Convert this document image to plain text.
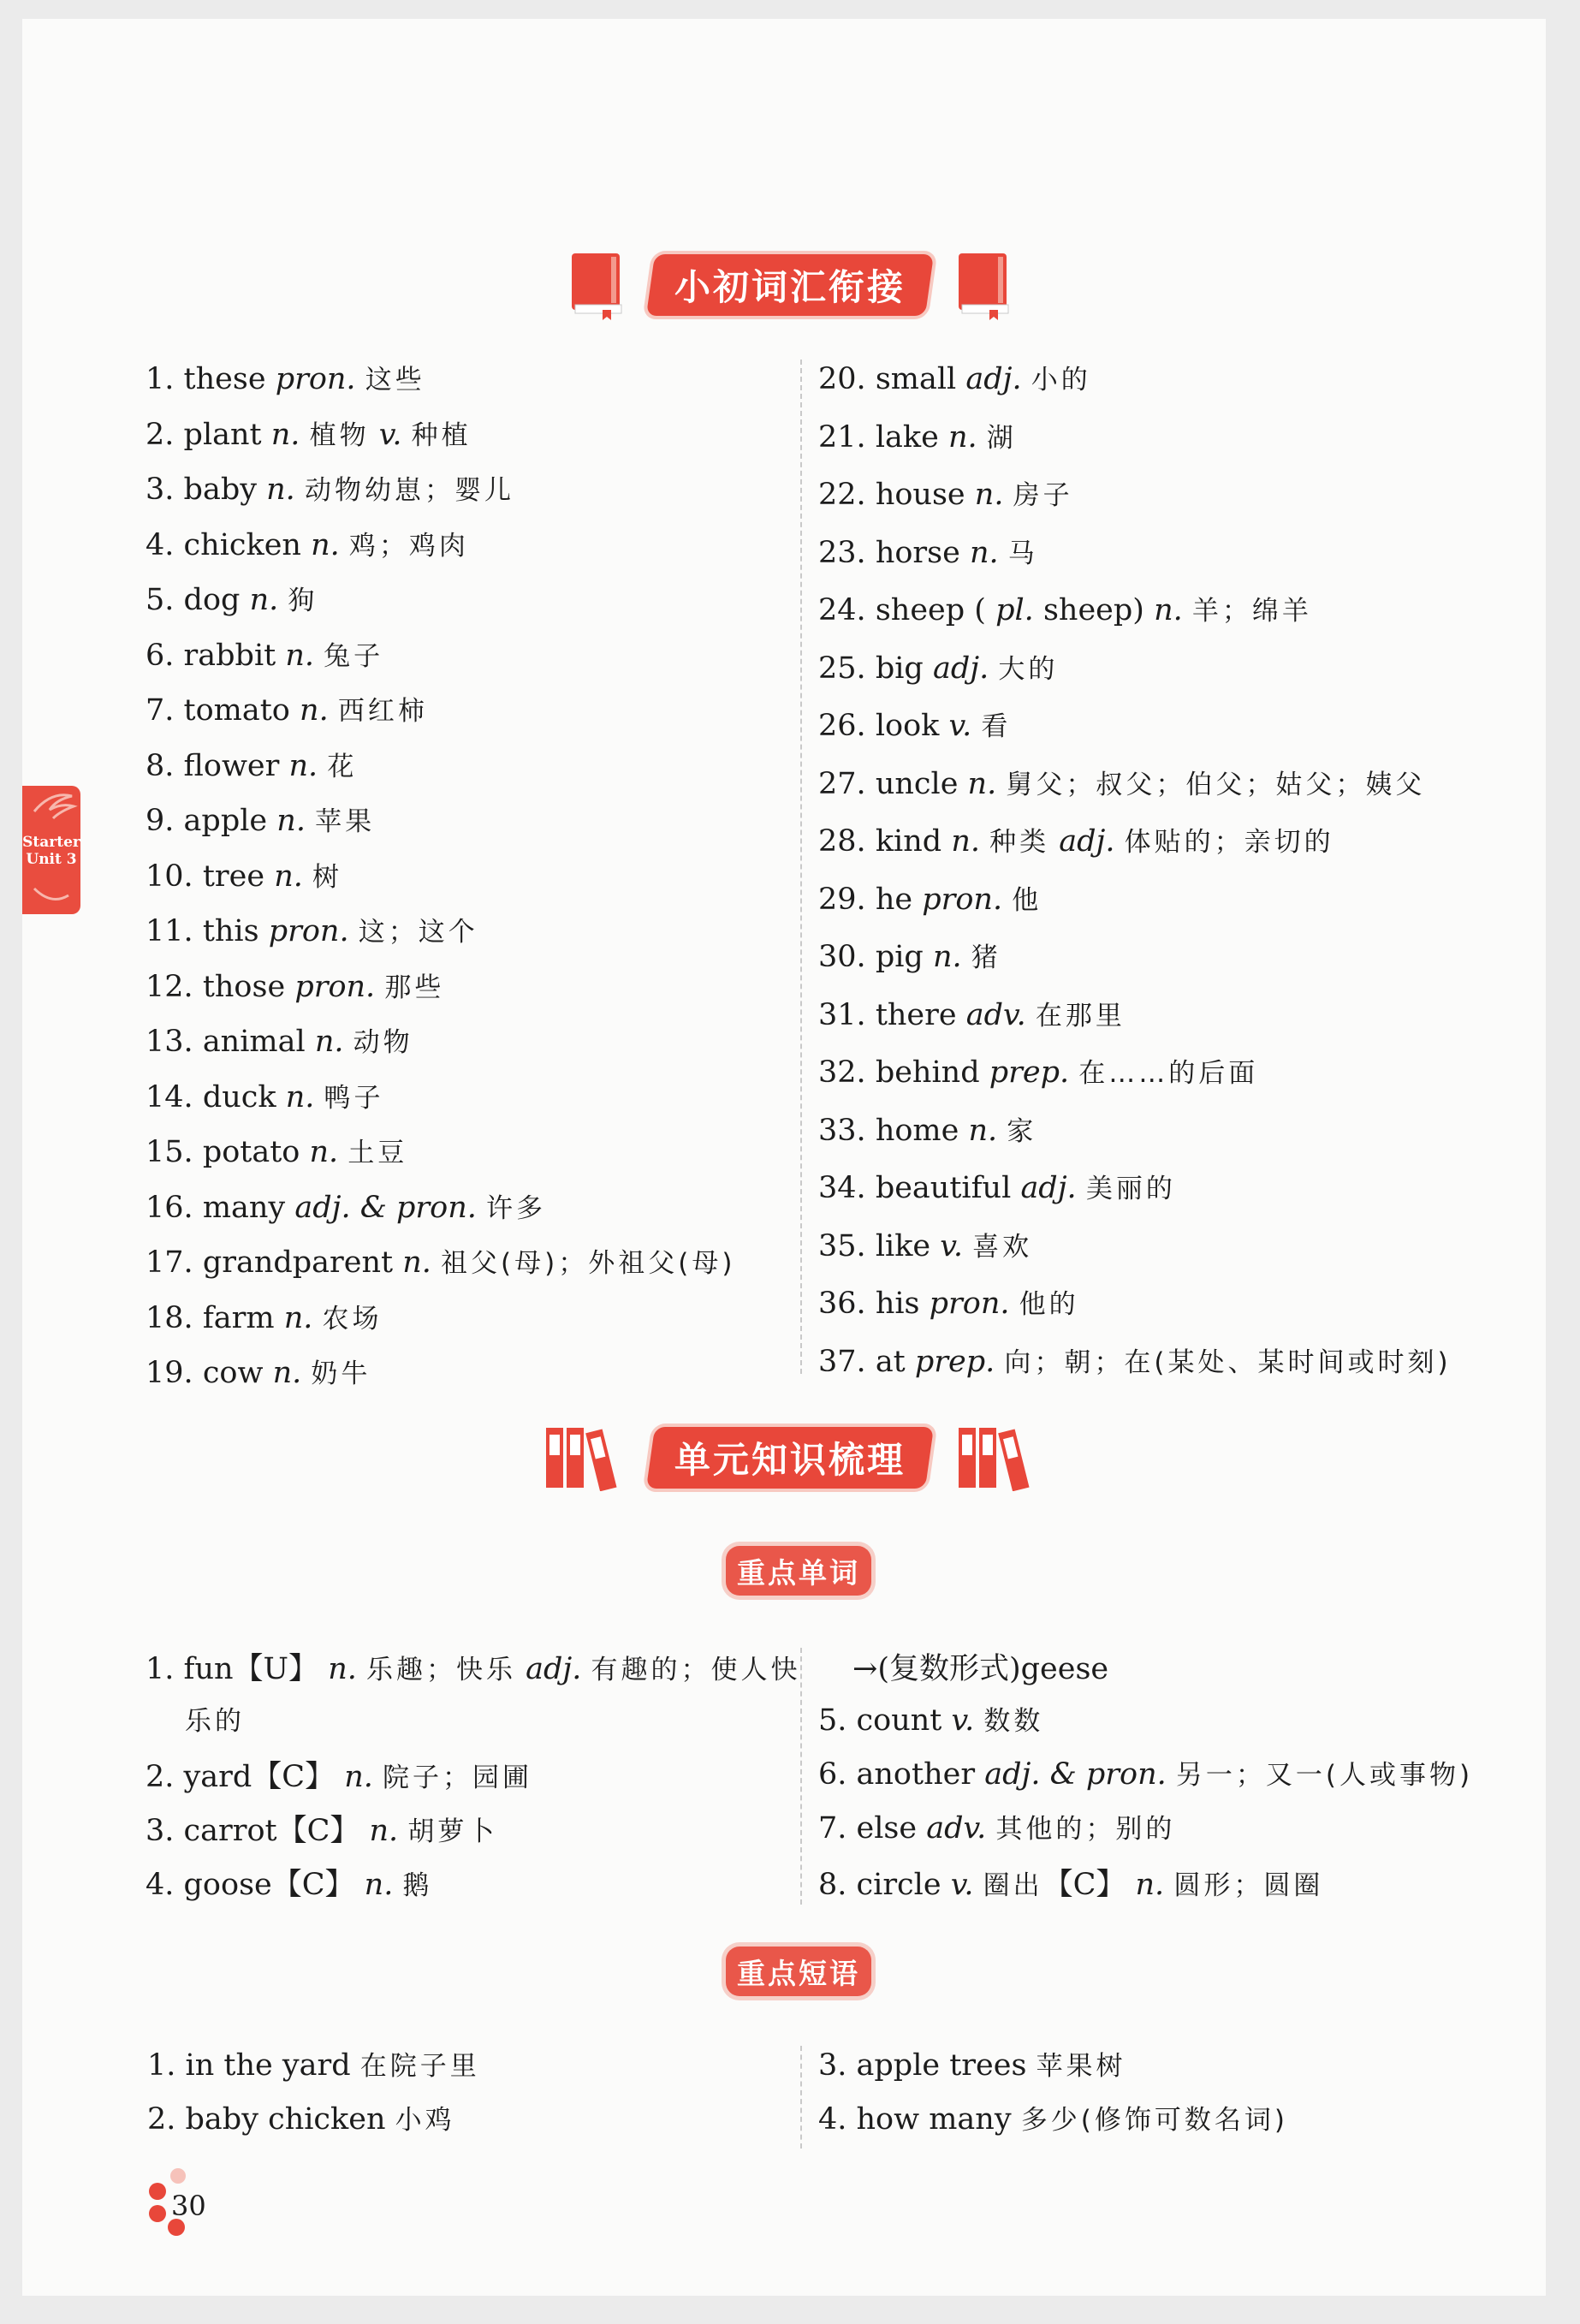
小初词汇衔接
1. these pron. 这些
2. plant n. 植物 v. 种植
3. baby n. 动物幼崽；婴儿
4. chicken n. 鸡；鸡肉
5. dog n. 狗
6. rabbit n. 兔子
7. tomato n. 西红柿
8. flower n. 花
9. apple n. 苹果
10. tree n. 树
11. this pron. 这；这个
12. those pron. 那些
13. animal n. 动物
14. duck n. 鸭子
15. potato n. 土豆
16. many adj. & pron. 许多
17. grandparent n. 祖父(母)；外祖父(母)
18. farm n. 农场
19. cow n. 奶牛
20. small adj. 小的
21. lake n. 湖
22. house n. 房子
23. horse n. 马
24. sheep ( pl. sheep) n. 羊；绵羊
25. big adj. 大的
26. look v. 看
27. uncle n. 舅父；叔父；伯父；姑父；姨父
28. kind n. 种类 adj. 体贴的；亲切的
29. he pron. 他
30. pig n. 猪
31. there adv. 在那里
32. behind prep. 在……的后面
33. home n. 家
34. beautiful adj. 美丽的
35. like v. 喜欢
36. his pron. 他的
37. at prep. 向；朝；在(某处、某时间或时刻)
Starter
Unit 3
单元知识梳理
重点单词
1. fun【U】 n. 乐趣；快乐 adj. 有趣的；使人快
乐的
2. yard【C】 n. 院子；园圃
3. carrot【C】 n. 胡萝卜
4. goose【C】 n. 鹅
→(复数形式)geese
5. count v. 数数
6. another adj. & pron. 另一；又一(人或事物)
7. else adv. 其他的；别的
8. circle v. 圈出【C】 n. 圆形；圆圈
重点短语
1. in the yard 在院子里
2. baby chicken 小鸡
3. apple trees 苹果树
4. how many 多少(修饰可数名词)
30
